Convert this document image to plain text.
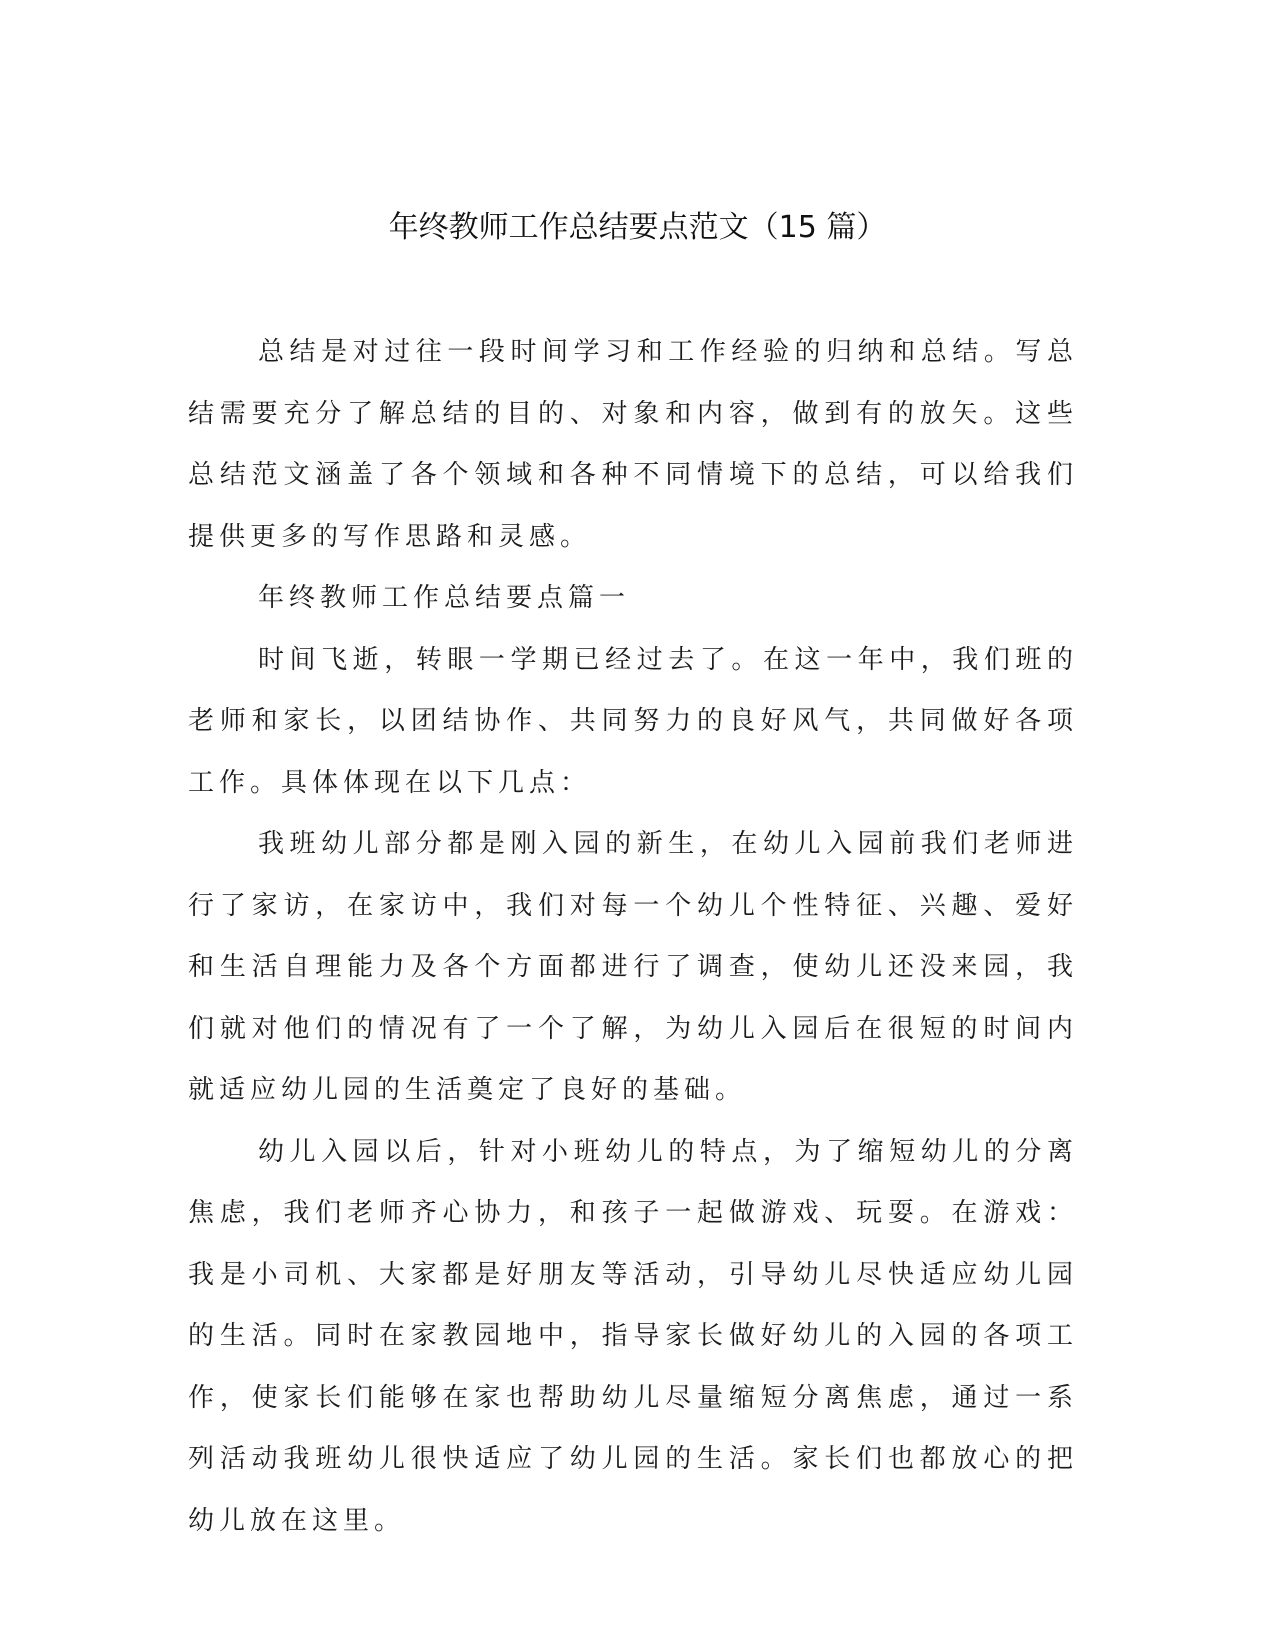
年终教师工作总结要点范文（15 篇）

总结是对过往一段时间学习和工作经验的归纳和总结。写总结需要充分了解总结的目的、对象和内容，做到有的放矢。这些总结范文涵盖了各个领域和各种不同情境下的总结，可以给我们提供更多的写作思路和灵感。

年终教师工作总结要点篇一

时间飞逝，转眼一学期已经过去了。在这一年中，我们班的老师和家长，以团结协作、共同努力的良好风气，共同做好各项工作。具体体现在以下几点：

我班幼儿部分都是刚入园的新生，在幼儿入园前我们老师进行了家访，在家访中，我们对每一个幼儿个性特征、兴趣、爱好和生活自理能力及各个方面都进行了调查，使幼儿还没来园，我们就对他们的情况有了一个了解，为幼儿入园后在很短的时间内就适应幼儿园的生活奠定了良好的基础。

幼儿入园以后，针对小班幼儿的特点，为了缩短幼儿的分离焦虑，我们老师齐心协力，和孩子一起做游戏、玩耍。在游戏：我是小司机、大家都是好朋友等活动，引导幼儿尽快适应幼儿园的生活。同时在家教园地中，指导家长做好幼儿的入园的各项工作，使家长们能够在家也帮助幼儿尽量缩短分离焦虑，通过一系列活动我班幼儿很快适应了幼儿园的生活。家长们也都放心的把幼儿放在这里。
